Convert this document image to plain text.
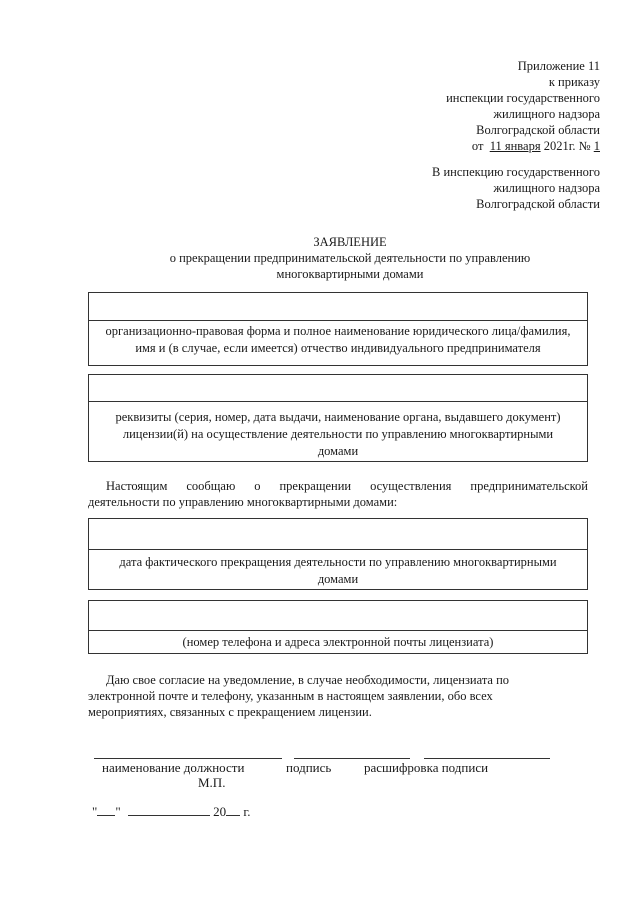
Приложение 11
к приказу
инспекции государственного
жилищного надзора
Волгоградской области
от 11 января 2021г. № 1
В инспекцию государственного
жилищного надзора
Волгоградской области
ЗАЯВЛЕНИЕ
о прекращении предпринимательской деятельности по управлению
многоквартирными домами
организационно-правовая форма и полное наименование юридического лица/фамилия,
имя и (в случае, если имеется) отчество индивидуального предпринимателя
реквизиты (серия, номер, дата выдачи, наименование органа, выдавшего документ)
лицензии(й) на осуществление деятельности по управлению многоквартирными
домами
Настоящим сообщаю о прекращении осуществления предпринимательской
деятельности по управлению многоквартирными домами:
дата фактического прекращения деятельности по управлению многоквартирными
домами
(номер телефона и адреса электронной почты лицензиата)
Даю свое согласие на уведомление, в случае необходимости, лицензиата по
электронной почте и телефону, указанным в настоящем заявлении, обо всех
мероприятиях, связанных с прекращением лицензии.
наименование должности	подпись	расшифровка подписи
М.П.
" "	20 г.
